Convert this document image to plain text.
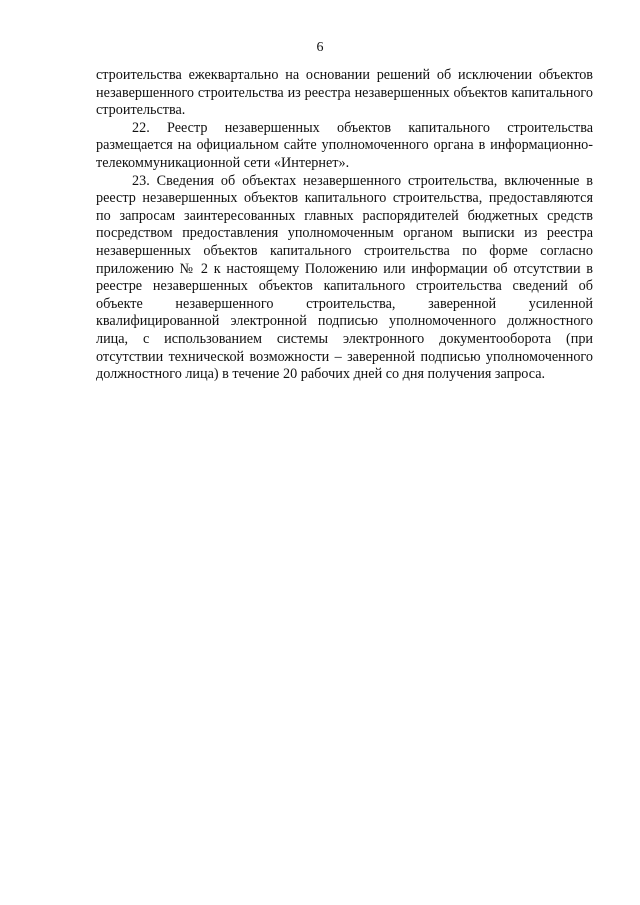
6

строительства ежеквартально на основании решений об исключении объектов незавершенного строительства из реестра незавершенных объектов капитального строительства.

22. Реестр незавершенных объектов капитального строительства размещается на официальном сайте уполномоченного органа в информационно-телекоммуникационной сети «Интернет».

23. Сведения об объектах незавершенного строительства, включенные в реестр незавершенных объектов капитального строительства, предоставляются по запросам заинтересованных главных распорядителей бюджетных средств посредством предоставления уполномоченным органом выписки из реестра незавершенных объектов капитального строительства по форме согласно приложению № 2 к настоящему Положению или информации об отсутствии в реестре незавершенных объектов капитального строительства сведений об объекте незавершенного строительства, заверенной усиленной квалифицированной электронной подписью уполномоченного должностного лица, с использованием системы электронного документооборота (при отсутствии технической возможности – заверенной подписью уполномоченного должностного лица) в течение 20 рабочих дней со дня получения запроса.
